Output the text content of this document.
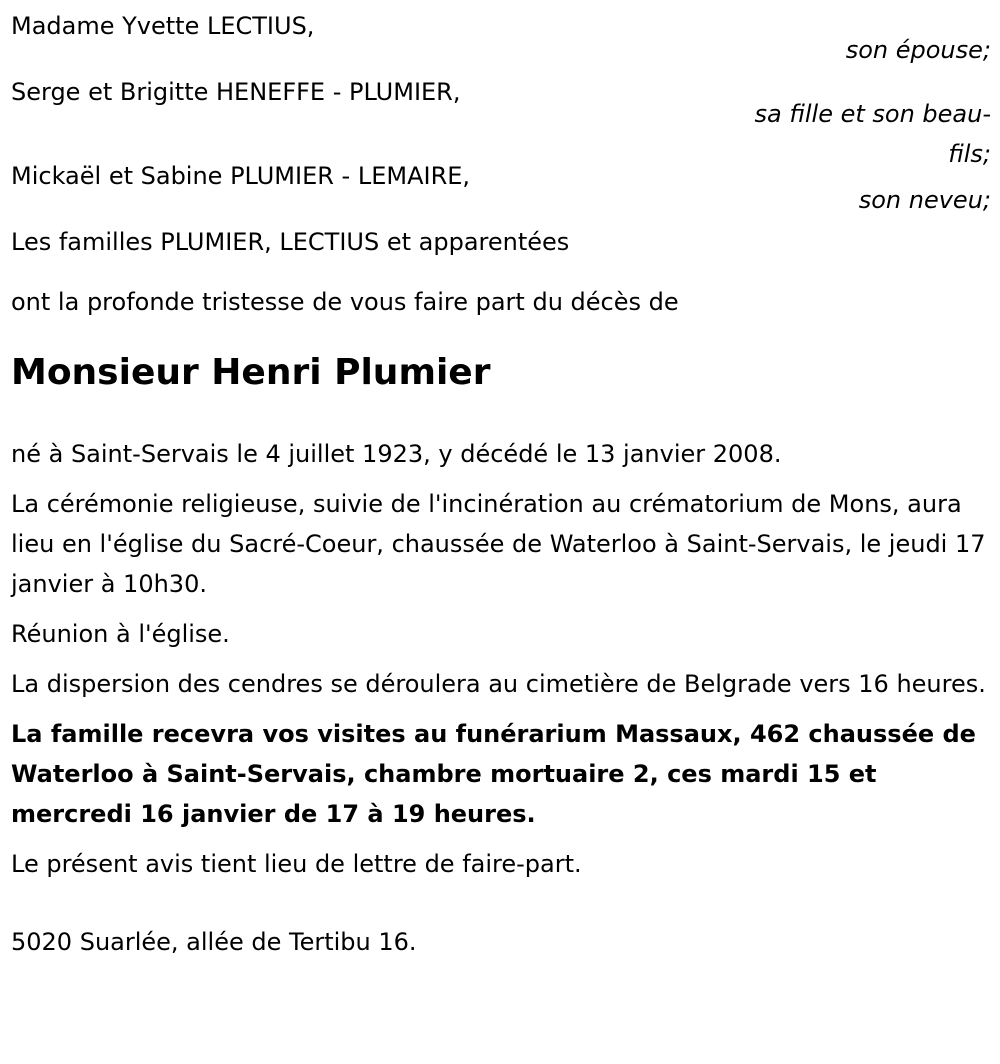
Madame Yvette LECTIUS,
son épouse;
Serge et Brigitte HENEFFE - PLUMIER,
sa fille et son beau-fils;
Mickaël et Sabine PLUMIER - LEMAIRE,
son neveu;
Les familles PLUMIER, LECTIUS et apparentées

ont la profonde tristesse de vous faire part du décès de

Monsieur Henri Plumier

né à Saint-Servais le 4 juillet 1923, y décédé le 13 janvier 2008.

La cérémonie religieuse, suivie de l'incinération au crématorium de Mons, aura lieu en l'église du Sacré-Coeur, chaussée de Waterloo à Saint-Servais, le jeudi 17 janvier à 10h30.

Réunion à l'église.

La dispersion des cendres se déroulera au cimetière de Belgrade vers 16 heures.

La famille recevra vos visites au funérarium Massaux, 462 chaussée de Waterloo à Saint-Servais, chambre mortuaire 2, ces mardi 15 et mercredi 16 janvier de 17 à 19 heures.

Le présent avis tient lieu de lettre de faire-part.

5020 Suarlée, allée de Tertibu 16.
